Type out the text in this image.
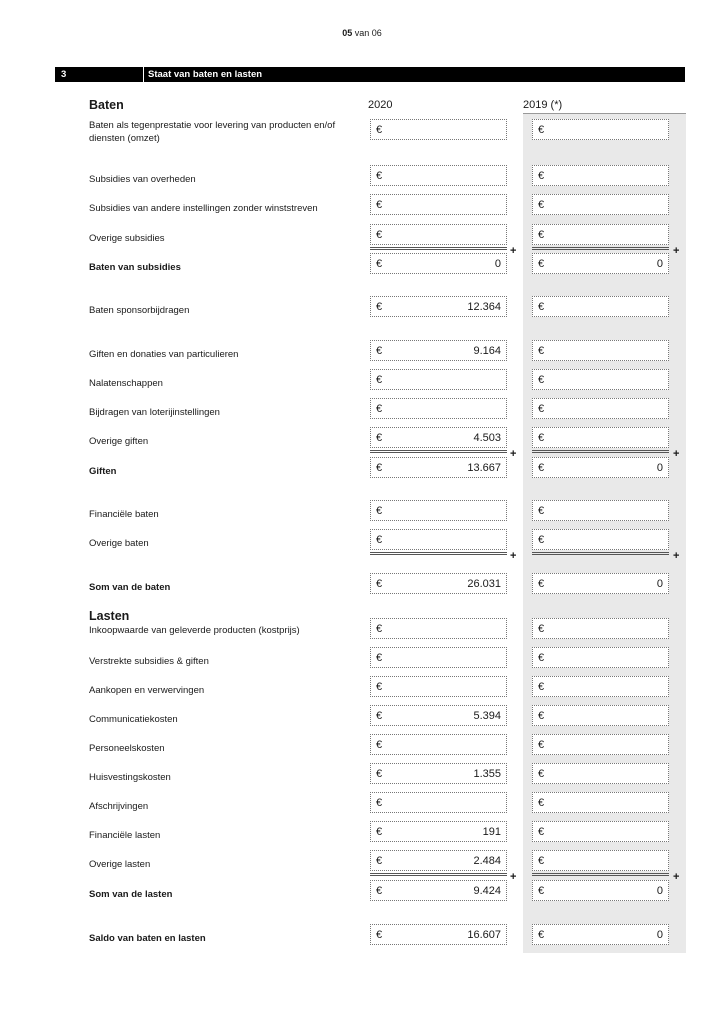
05 van 06
3	Staat van baten en lasten
Baten	2020	2019 (*)
Lasten
Baten als tegenprestatie voor levering van producten en/of diensten (omzet)
€	€
Subsidies van overheden	€	€
Subsidies van andere instellingen zonder winststreven	€	€
Overige subsidies	€	€
+	+
Baten van subsidies	€	0	€	0
Baten sponsorbijdragen	€	12.364	€
Giften en donaties van particulieren	€	9.164	€
Nalatenschappen	€	€
Bijdragen van loterijinstellingen	€	€
Overige giften	€	4.503	€
+	+
Giften	€	13.667	€	0
Financiële baten	€	€
Overige baten	€	€
+	+
Som van de baten	€	26.031	€	0
Inkoopwaarde van geleverde producten (kostprijs)	€	€
Verstrekte subsidies & giften	€	€
Aankopen en verwervingen	€	€
Communicatiekosten	€	5.394	€
Personeelskosten	€	€
Huisvestingskosten	€	1.355	€
Afschrijvingen	€	€
Financiële lasten	€	191	€
Overige lasten	€	2.484	€
+	+
Som van de lasten	€	9.424	€	0
Saldo van baten en lasten	€	16.607	€	0
